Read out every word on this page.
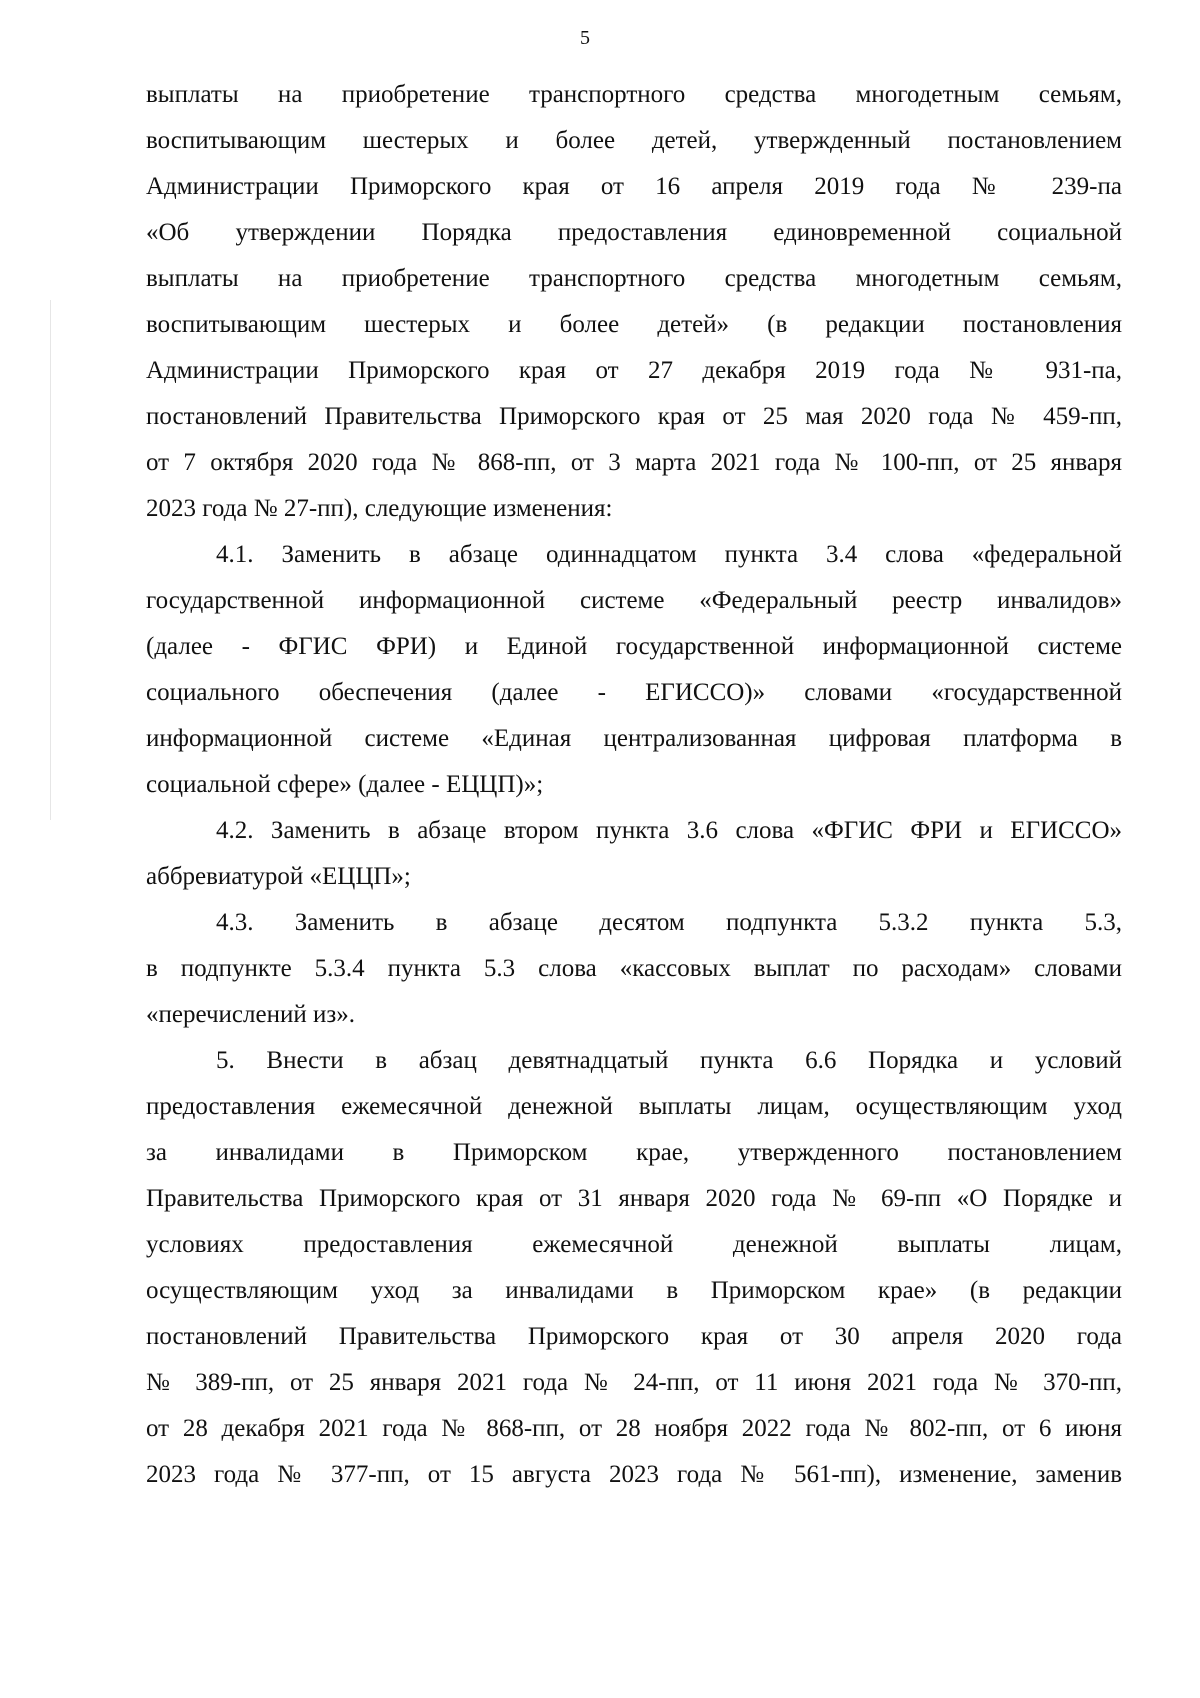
5
выплаты на приобретение транспортного средства многодетным семьям,
воспитывающим шестерых и более детей, утвержденный постановлением
Администрации Приморского края от 16 апреля 2019 года № 239-па
«Об утверждении Порядка предоставления единовременной социальной
выплаты на приобретение транспортного средства многодетным семьям,
воспитывающим шестерых и более детей» (в редакции постановления
Администрации Приморского края от 27 декабря 2019 года № 931-па,
постановлений Правительства Приморского края от 25 мая 2020 года № 459-пп,
от 7 октября 2020 года № 868-пп, от 3 марта 2021 года № 100-пп, от 25 января
2023 года № 27-пп), следующие изменения:
4.1. Заменить в абзаце одиннадцатом пункта 3.4 слова «федеральной
государственной информационной системе «Федеральный реестр инвалидов»
(далее - ФГИС ФРИ) и Единой государственной информационной системе
социального обеспечения (далее - ЕГИССО)» словами «государственной
информационной системе «Единая централизованная цифровая платформа в
социальной сфере» (далее - ЕЦЦП)»;
4.2. Заменить в абзаце втором пункта 3.6 слова «ФГИС ФРИ и ЕГИССО»
аббревиатурой «ЕЦЦП»;
4.3. Заменить в абзаце десятом подпункта 5.3.2 пункта 5.3,
в подпункте 5.3.4 пункта 5.3 слова «кассовых выплат по расходам» словами
«перечислений из».
5. Внести в абзац девятнадцатый пункта 6.6 Порядка и условий
предоставления ежемесячной денежной выплаты лицам, осуществляющим уход
за инвалидами в Приморском крае, утвержденного постановлением
Правительства Приморского края от 31 января 2020 года № 69-пп «О Порядке и
условиях предоставления ежемесячной денежной выплаты лицам,
осуществляющим уход за инвалидами в Приморском крае» (в редакции
постановлений Правительства Приморского края от 30 апреля 2020 года
№ 389-пп, от 25 января 2021 года № 24-пп, от 11 июня 2021 года № 370-пп,
от 28 декабря 2021 года № 868-пп, от 28 ноября 2022 года № 802-пп, от 6 июня
2023 года № 377-пп, от 15 августа 2023 года № 561-пп), изменение, заменив
